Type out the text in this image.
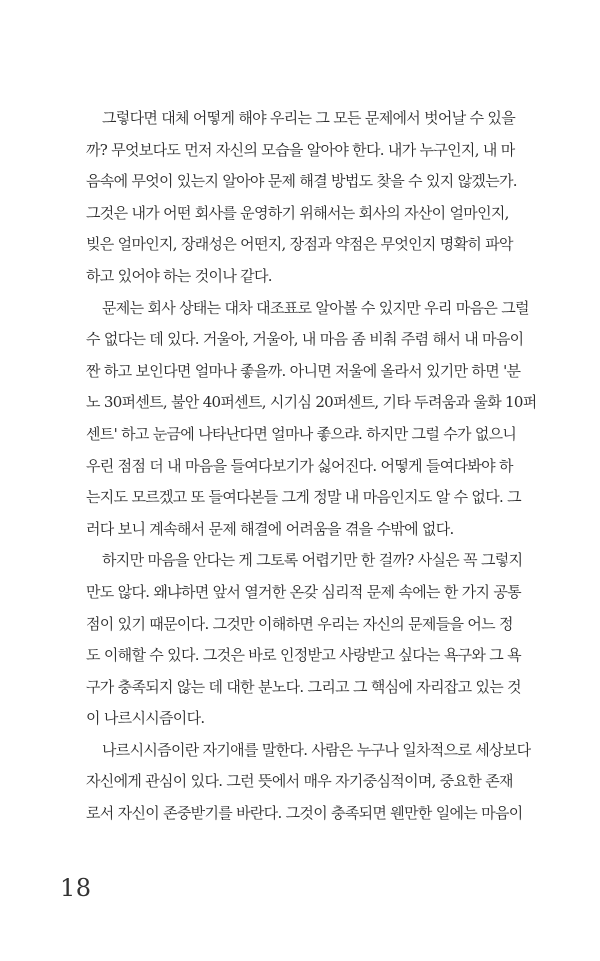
그렇다면 대체 어떻게 해야 우리는 그 모든 문제에서 벗어날 수 있을
까? 무엇보다도 먼저 자신의 모습을 알아야 한다. 내가 누구인지, 내 마
음속에 무엇이 있는지 알아야 문제 해결 방법도 찾을 수 있지 않겠는가.
그것은 내가 어떤 회사를 운영하기 위해서는 회사의 자산이 얼마인지,
빚은 얼마인지, 장래성은 어떤지, 장점과 약점은 무엇인지 명확히 파악
하고 있어야 하는 것이나 같다.
문제는 회사 상태는 대차 대조표로 알아볼 수 있지만 우리 마음은 그럴
수 없다는 데 있다. 거울아, 거울아, 내 마음 좀 비춰 주렴 해서 내 마음이
짠 하고 보인다면 얼마나 좋을까. 아니면 저울에 올라서 있기만 하면 '분
노 30퍼센트, 불안 40퍼센트, 시기심 20퍼센트, 기타 두려움과 울화 10퍼
센트' 하고 눈금에 나타난다면 얼마나 좋으랴. 하지만 그럴 수가 없으니
우린 점점 더 내 마음을 들여다보기가 싫어진다. 어떻게 들여다봐야 하
는지도 모르겠고 또 들여다본들 그게 정말 내 마음인지도 알 수 없다. 그
러다 보니 계속해서 문제 해결에 어려움을 겪을 수밖에 없다.
하지만 마음을 안다는 게 그토록 어렵기만 한 걸까? 사실은 꼭 그렇지
만도 않다. 왜냐하면 앞서 열거한 온갖 심리적 문제 속에는 한 가지 공통
점이 있기 때문이다. 그것만 이해하면 우리는 자신의 문제들을 어느 정
도 이해할 수 있다. 그것은 바로 인정받고 사랑받고 싶다는 욕구와 그 욕
구가 충족되지 않는 데 대한 분노다. 그리고 그 핵심에 자리잡고 있는 것
이 나르시시즘이다.
나르시시즘이란 자기애를 말한다. 사람은 누구나 일차적으로 세상보다
자신에게 관심이 있다. 그런 뜻에서 매우 자기중심적이며, 중요한 존재
로서 자신이 존중받기를 바란다. 그것이 충족되면 웬만한 일에는 마음이
18
